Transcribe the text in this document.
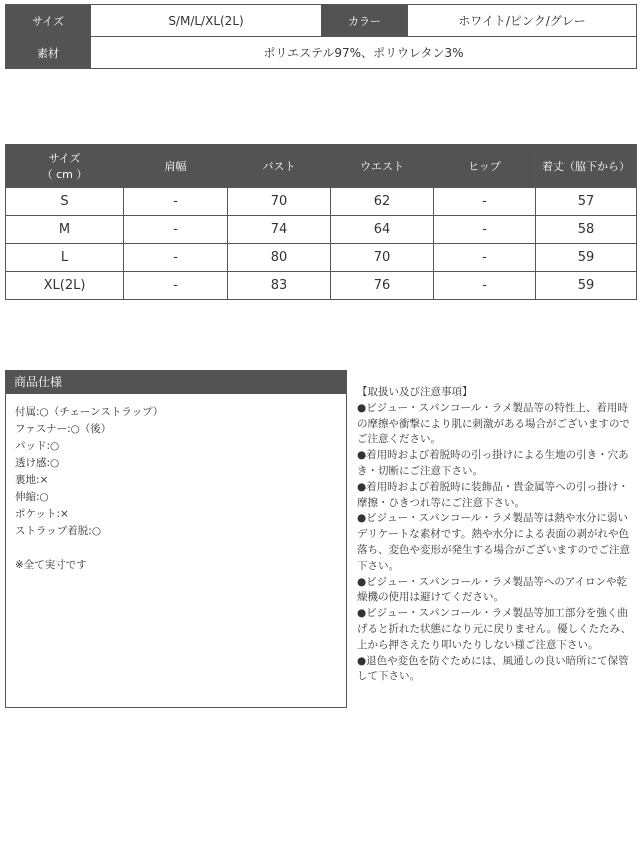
サイズ	S/M/L/XL(2L)	カラー	ホワイト/ピンク/グレー
素材	ポリエステル97%、ポリウレタン3%		
サイズ
（ cm ）	肩幅	バスト	ウエスト	ヒップ	着丈（脇下から）
S	-	70	62	-	57
M	-	74	64	-	58
L	-	80	70	-	59
XL(2L)	-	83	76	-	59
商品仕様
付属:○（チェーンストラップ）
ファスナー:○（後）
パッド:○
透け感:○
裏地:×
伸縮:○
ポケット:×
ストラップ着脱:○
※全て実寸です

【取扱い及び注意事項】

●ビジュー・スパンコール・ラメ製品等の特性上、着用時の摩擦や衝撃により肌に刺激がある場合がございますのでご注意ください。

●着用時および着脱時の引っ掛けによる生地の引き・穴あき・切断にご注意下さい。

●着用時および着脱時に装飾品・貴金属等への引っ掛け・摩擦・ひきつれ等にご注意下さい。

●ビジュー・スパンコール・ラメ製品等は熱や水分に弱いデリケートな素材です。熱や水分による表面の剥がれや色落ち、変色や変形が発生する場合がございますのでご注意下さい。

●ビジュー・スパンコール・ラメ製品等へのアイロンや乾燥機の使用は避けてください。

●ビジュー・スパンコール・ラメ製品等加工部分を強く曲げると折れた状態になり元に戻りません。優しくたたみ、上から押さえたり叩いたりしない様ご注意下さい。

●退色や変色を防ぐためには、風通しの良い暗所にて保管して下さい。
